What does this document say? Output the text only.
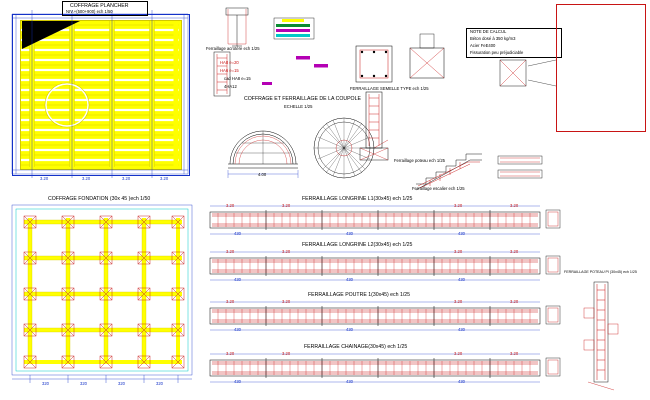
COFFRAGE PLANCHER
NIV.+(500+900) ech 1/50
3.20	3.20	3.20	3.20
COFFRAGE FONDATION (30x 45 )ech 1/50
320	320	320	320
Ferraillage acrotère ech 1/25
HA8 e=20
HA6 e=15
cad HA8 e=15
4HA12
COFFRAGE ET FERRAILLAGE DE LA COUPOLE
ECHELLE 1/25
4.00
FERRAILLAGE SEMELLE TYPE ech 1/25
Ferraillage poteau ech 1/25
NOTE DE CALCUL
Béton dosé à 350 kg/m3
Acier FeE400
Fissuration peu préjudiciable
Ferraillage escalier ech 1/25
FERRAILLAGE POTEAU PI (30x45) ech 1/25
FERRAILLAGE LONGRINE L1(30x45) ech 1/25
3.20	3.20	3.20	3.20
430	430	430
FERRAILLAGE LONGRINE L2(30x45) ech 1/25
3.20	3.20	3.20	3.20
430	430	430
FERRAILLAGE POUTRE 1(30x45) ech 1/25
3.20	3.20	3.20	3.20
430	430	430
FERRAILLAGE CHAINAGE(30x45) ech 1/25
3.20	3.20	3.20	3.20
430	430	430
